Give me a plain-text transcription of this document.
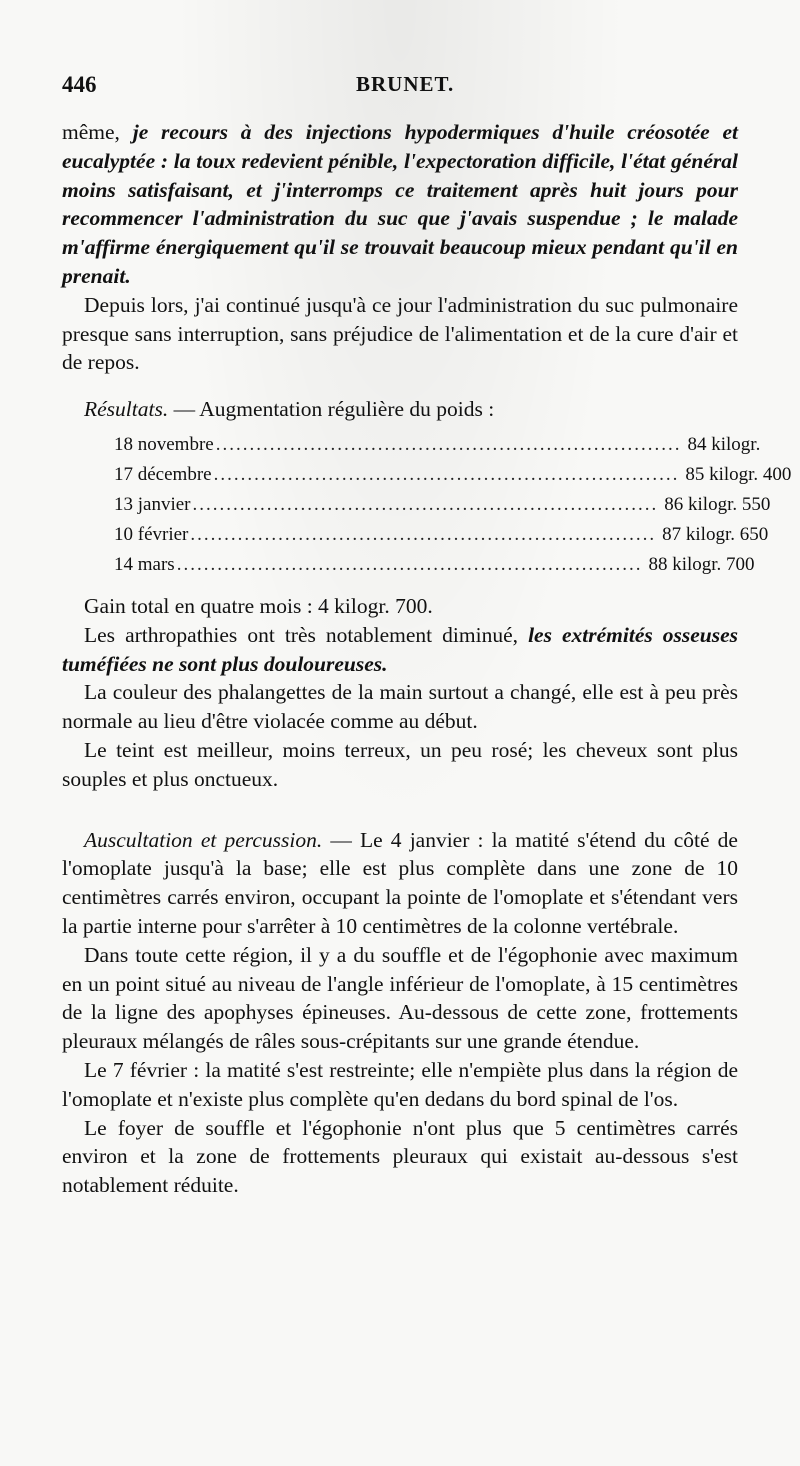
446	BRUNET.

même, je recours à des injections hypodermiques d'huile créosotée et eucalyptée : la toux redevient pénible, l'expectoration difficile, l'état général moins satisfaisant, et j'interromps ce traitement après huit jours pour recommencer l'administration du suc que j'avais suspendue ; le malade m'affirme énergiquement qu'il se trouvait beaucoup mieux pendant qu'il en prenait.

Depuis lors, j'ai continué jusqu'à ce jour l'administration du suc pulmonaire presque sans interruption, sans préjudice de l'alimentation et de la cure d'air et de repos.

Résultats. — Augmentation régulière du poids :

18 novembre ..................................................................... 84 kilogr.
17 décembre ..................................................................... 85 kilogr. 400
13 janvier ..................................................................... 86 kilogr. 550
10 février ..................................................................... 87 kilogr. 650
14 mars ..................................................................... 88 kilogr. 700

Gain total en quatre mois : 4 kilogr. 700.

Les arthropathies ont très notablement diminué, les extrémités osseuses tuméfiées ne sont plus douloureuses.

La couleur des phalangettes de la main surtout a changé, elle est à peu près normale au lieu d'être violacée comme au début.

Le teint est meilleur, moins terreux, un peu rosé; les cheveux sont plus souples et plus onctueux.

Auscultation et percussion. — Le 4 janvier : la matité s'étend du côté de l'omoplate jusqu'à la base; elle est plus complète dans une zone de 10 centimètres carrés environ, occupant la pointe de l'omoplate et s'étendant vers la partie interne pour s'arrêter à 10 centimètres de la colonne vertébrale.

Dans toute cette région, il y a du souffle et de l'égophonie avec maximum en un point situé au niveau de l'angle inférieur de l'omoplate, à 15 centimètres de la ligne des apophyses épineuses. Au-dessous de cette zone, frottements pleuraux mélangés de râles sous-crépitants sur une grande étendue.

Le 7 février : la matité s'est restreinte; elle n'empiète plus dans la région de l'omoplate et n'existe plus complète qu'en dedans du bord spinal de l'os.

Le foyer de souffle et l'égophonie n'ont plus que 5 centimètres carrés environ et la zone de frottements pleuraux qui existait au-dessous s'est notablement réduite.
